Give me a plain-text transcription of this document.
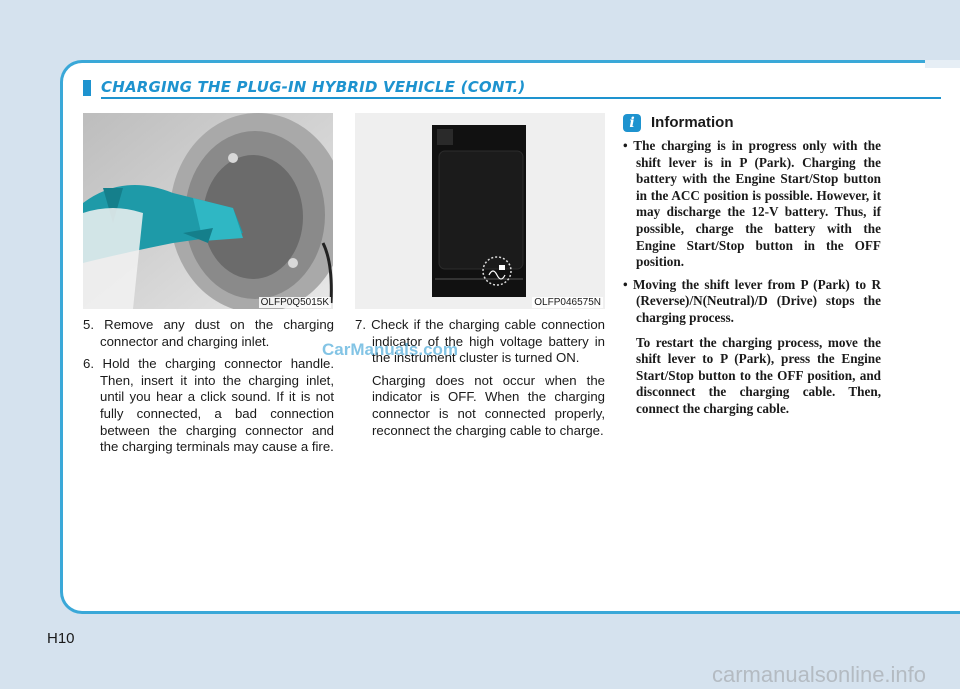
CHARGING THE PLUG-IN HYBRID VEHICLE (CONT.)
OLFP0Q5015K	OLFP046575N

5. Remove any dust on the charging connector and charging inlet.

6. Hold the charging connector handle. Then, insert it into the charging inlet, until you hear a click sound. If it is not fully connected, a bad connection between the charging connector and the charging terminals may cause a fire.

7. Check if the charging cable connection indicator of the high voltage battery in the instrument cluster is turned ON.

Charging does not occur when the indicator is OFF. When the charging connector is not connected properly, reconnect the charging cable to charge.

i	Information

• The charging is in progress only with the shift lever is in P (Park). Charging the battery with the Engine Start/Stop button in the ACC position is possible. However, it may discharge the 12-V battery. Thus, if possible, charge the battery with the Engine Start/Stop button in the OFF position.

• Moving the shift lever from P (Park) to R (Reverse)/N(Neutral)/D (Drive) stops the charging process.

To restart the charging process, move the shift lever to P (Park), press the Engine Start/Stop button to the OFF position, and disconnect the charging cable. Then, connect the charging cable.

H10
CarManuals.com
carmanualsonline.info
